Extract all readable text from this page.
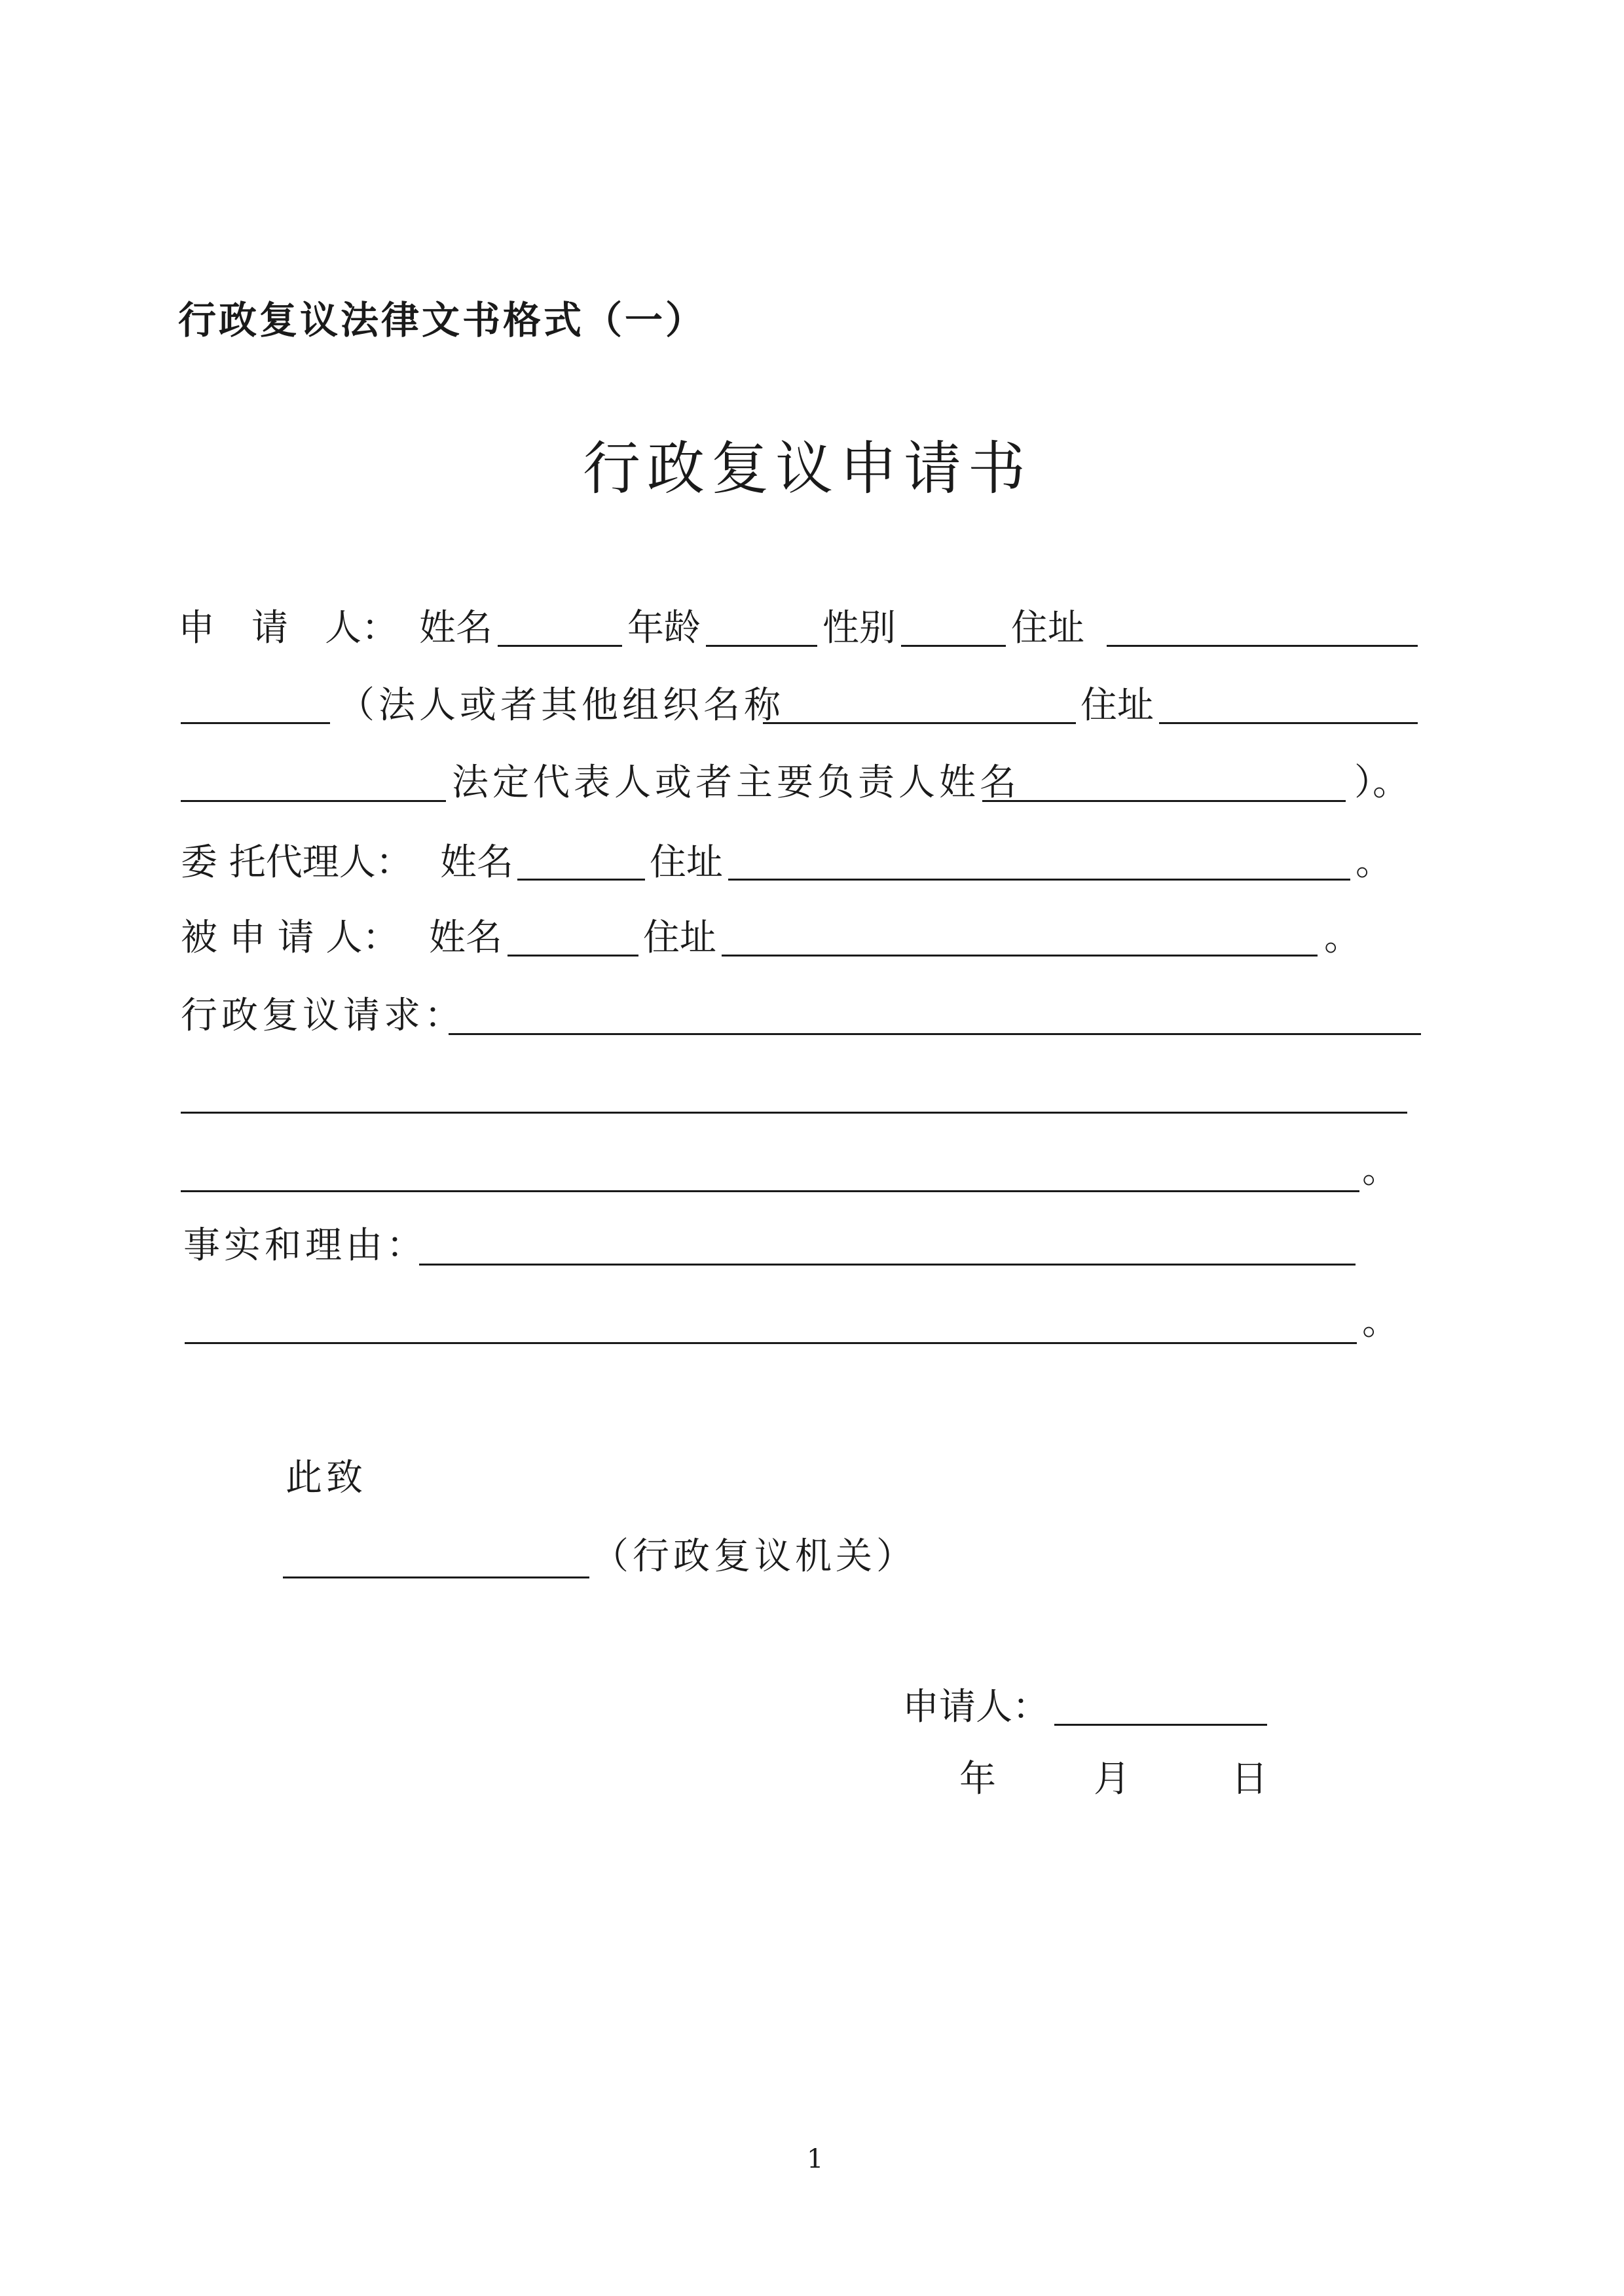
行政复议法律文书格式（一）
行政复议申请书
申　请　人： 姓名	年龄	性别	住址
（法人或者其他组织名称	住址
法定代表人或者主要负责人姓名	）。
委 托代理人： 姓名	住址	。
被 申 请 人： 姓名	住址	。
行政复议请求：
。
事实和理由：
。
此致
（行政复议机关）
申请人：
年	月	日
1
